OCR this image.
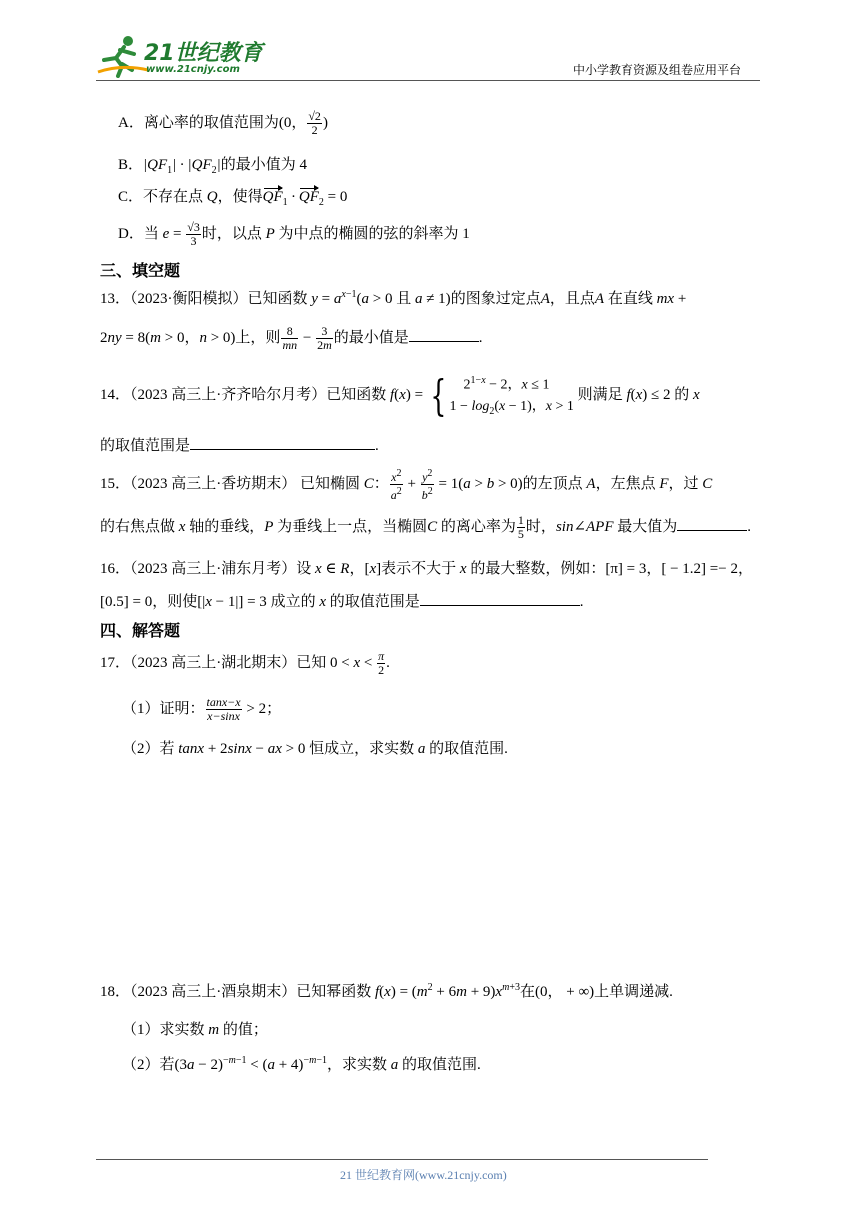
21世纪教育
www.21cnjy.com	中小学教育资源及组卷应用平台
A．离心率的取值范围为(0， $\frac{√2}{2}$ )
B．$|QF_1| \cdot |QF_2|$的最小值为 4
C．不存在点 Q，使得$QF_1 \cdot QF_2 = 0$
D．当 $e = \frac{√3}{3}$ 时，以点 P 为中点的椭圆的弦的斜率为 1
三、填空题
13．（2023·衡阳模拟）已知函数 $y = a^{x-1}(a > 0$ 且 a ≠ 1)的图象过定点A，且点A 在直线 mx +
2ny = 8(m > 0，n > 0)上，则 $\frac{8}{mn} - \frac{3}{2m}$ 的最小值是	.
14．（2023 高三上·齐齐哈尔月考）已知函数 f(x) = { $2^{1-x} - 2$，x ≤ 1
$1 - \log_2(x - 1)$，x > 1
则满足 f(x) ≤ 2 的 x
的取值范围是	.
15．（2023 高三上·香坊期末） 已知椭圆 C： $\frac{x^2}{a^2} + \frac{y^2}{b^2} = 1(a > b > 0)$的左顶点 A，左焦点 F，过 C
的右焦点做 x 轴的垂线，P 为垂线上一点，当椭圆C 的离心率为 $\frac{1}{5}$ 时，sin∠APF 最大值为	.
16．（2023 高三上·浦东月考）设 x ∈ R，[x]表示不大于 x 的最大整数，例如：[π] = 3，[ − 1.2] =− 2，
[0.5] = 0，则使[|x − 1|] = 3 成立的 x 的取值范围是	.
四、解答题
17．（2023 高三上·湖北期末）已知 $0 < x < \frac{\pi}{2}$ .
（1）证明： $\frac{\tan x-x}{x-\sin x} > 2$；
（2）若 tanx + 2sinx − ax > 0 恒成立，求实数 a 的取值范围.
18．（2023 高三上·酒泉期末）已知幂函数 $f(x) = (m^2 + 6m + 9)x^{m+3}$在(0， + ∞)上单调递减.
（1）求实数 m 的值；
（2）若$(3a - 2)^{-m-1} < (a + 4)^{-m-1}$，求实数 a 的取值范围.
21 世纪教育网(www.21cnjy.com)
